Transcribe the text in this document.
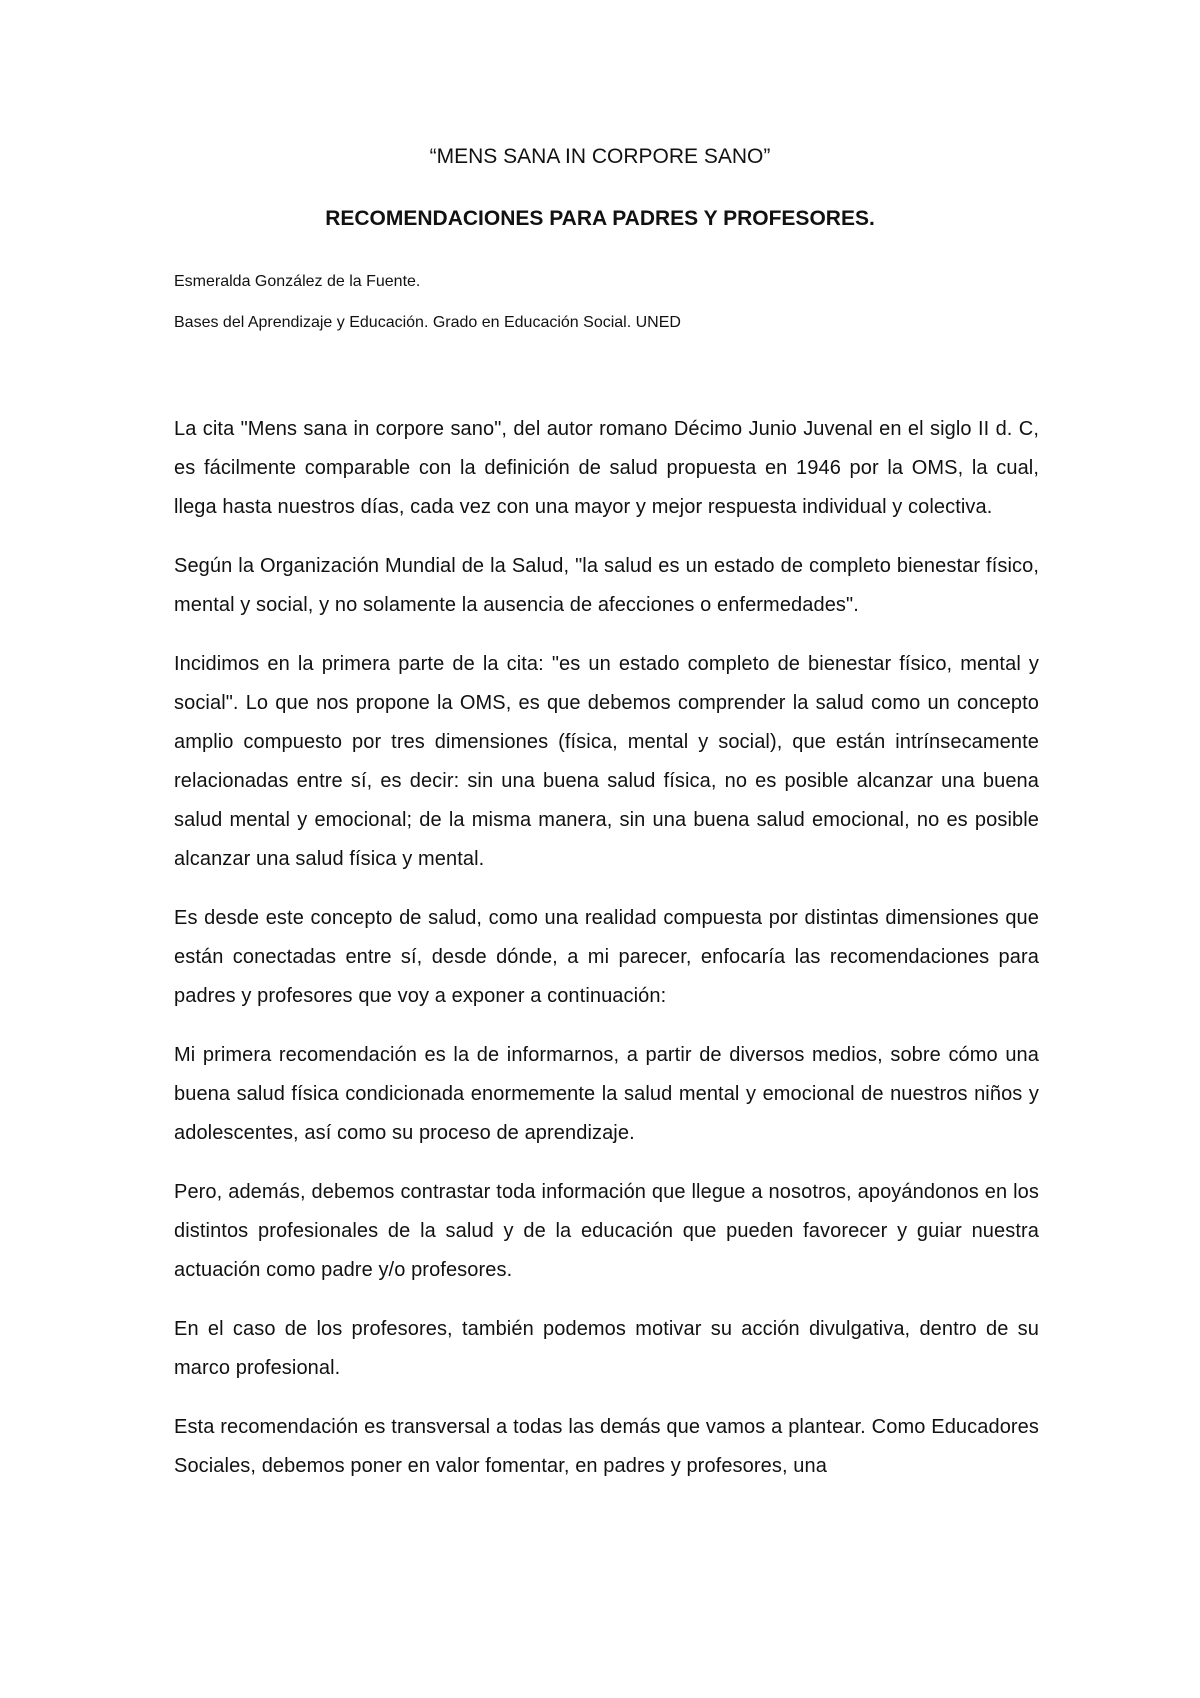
“MENS SANA IN CORPORE SANO”
RECOMENDACIONES PARA PADRES Y PROFESORES.

Esmeralda González de la Fuente.

Bases del Aprendizaje y Educación. Grado en Educación Social. UNED

La cita "Mens sana in corpore sano", del autor romano Décimo Junio Juvenal en el siglo II d. C, es fácilmente comparable con la definición de salud propuesta en 1946 por la OMS, la cual, llega hasta nuestros días, cada vez con una mayor y mejor respuesta individual y colectiva.

Según la Organización Mundial de la Salud, "la salud es un estado de completo bienestar físico, mental y social, y no solamente la ausencia de afecciones o enfermedades".

Incidimos en la primera parte de la cita: "es un estado completo de bienestar físico, mental y social". Lo que nos propone la OMS, es que debemos comprender la salud como un concepto amplio compuesto por tres dimensiones (física, mental y social), que están intrínsecamente relacionadas entre sí, es decir: sin una buena salud física, no es posible alcanzar una buena salud mental y emocional; de la misma manera, sin una buena salud emocional, no es posible alcanzar una salud física y mental.

Es desde este concepto de salud, como una realidad compuesta por distintas dimensiones que están conectadas entre sí, desde dónde, a mi parecer, enfocaría las recomendaciones para padres y profesores que voy a exponer a continuación:

Mi primera recomendación es la de informarnos, a partir de diversos medios, sobre cómo una buena salud física condicionada enormemente la salud mental y emocional de nuestros niños y adolescentes, así como su proceso de aprendizaje.

Pero, además, debemos contrastar toda información que llegue a nosotros, apoyándonos en los distintos profesionales de la salud y de la educación que pueden favorecer y guiar nuestra actuación como padre y/o profesores.

En el caso de los profesores, también podemos motivar su acción divulgativa, dentro de su marco profesional.

Esta recomendación es transversal a todas las demás que vamos a plantear. Como Educadores Sociales, debemos poner en valor fomentar, en padres y profesores, una
